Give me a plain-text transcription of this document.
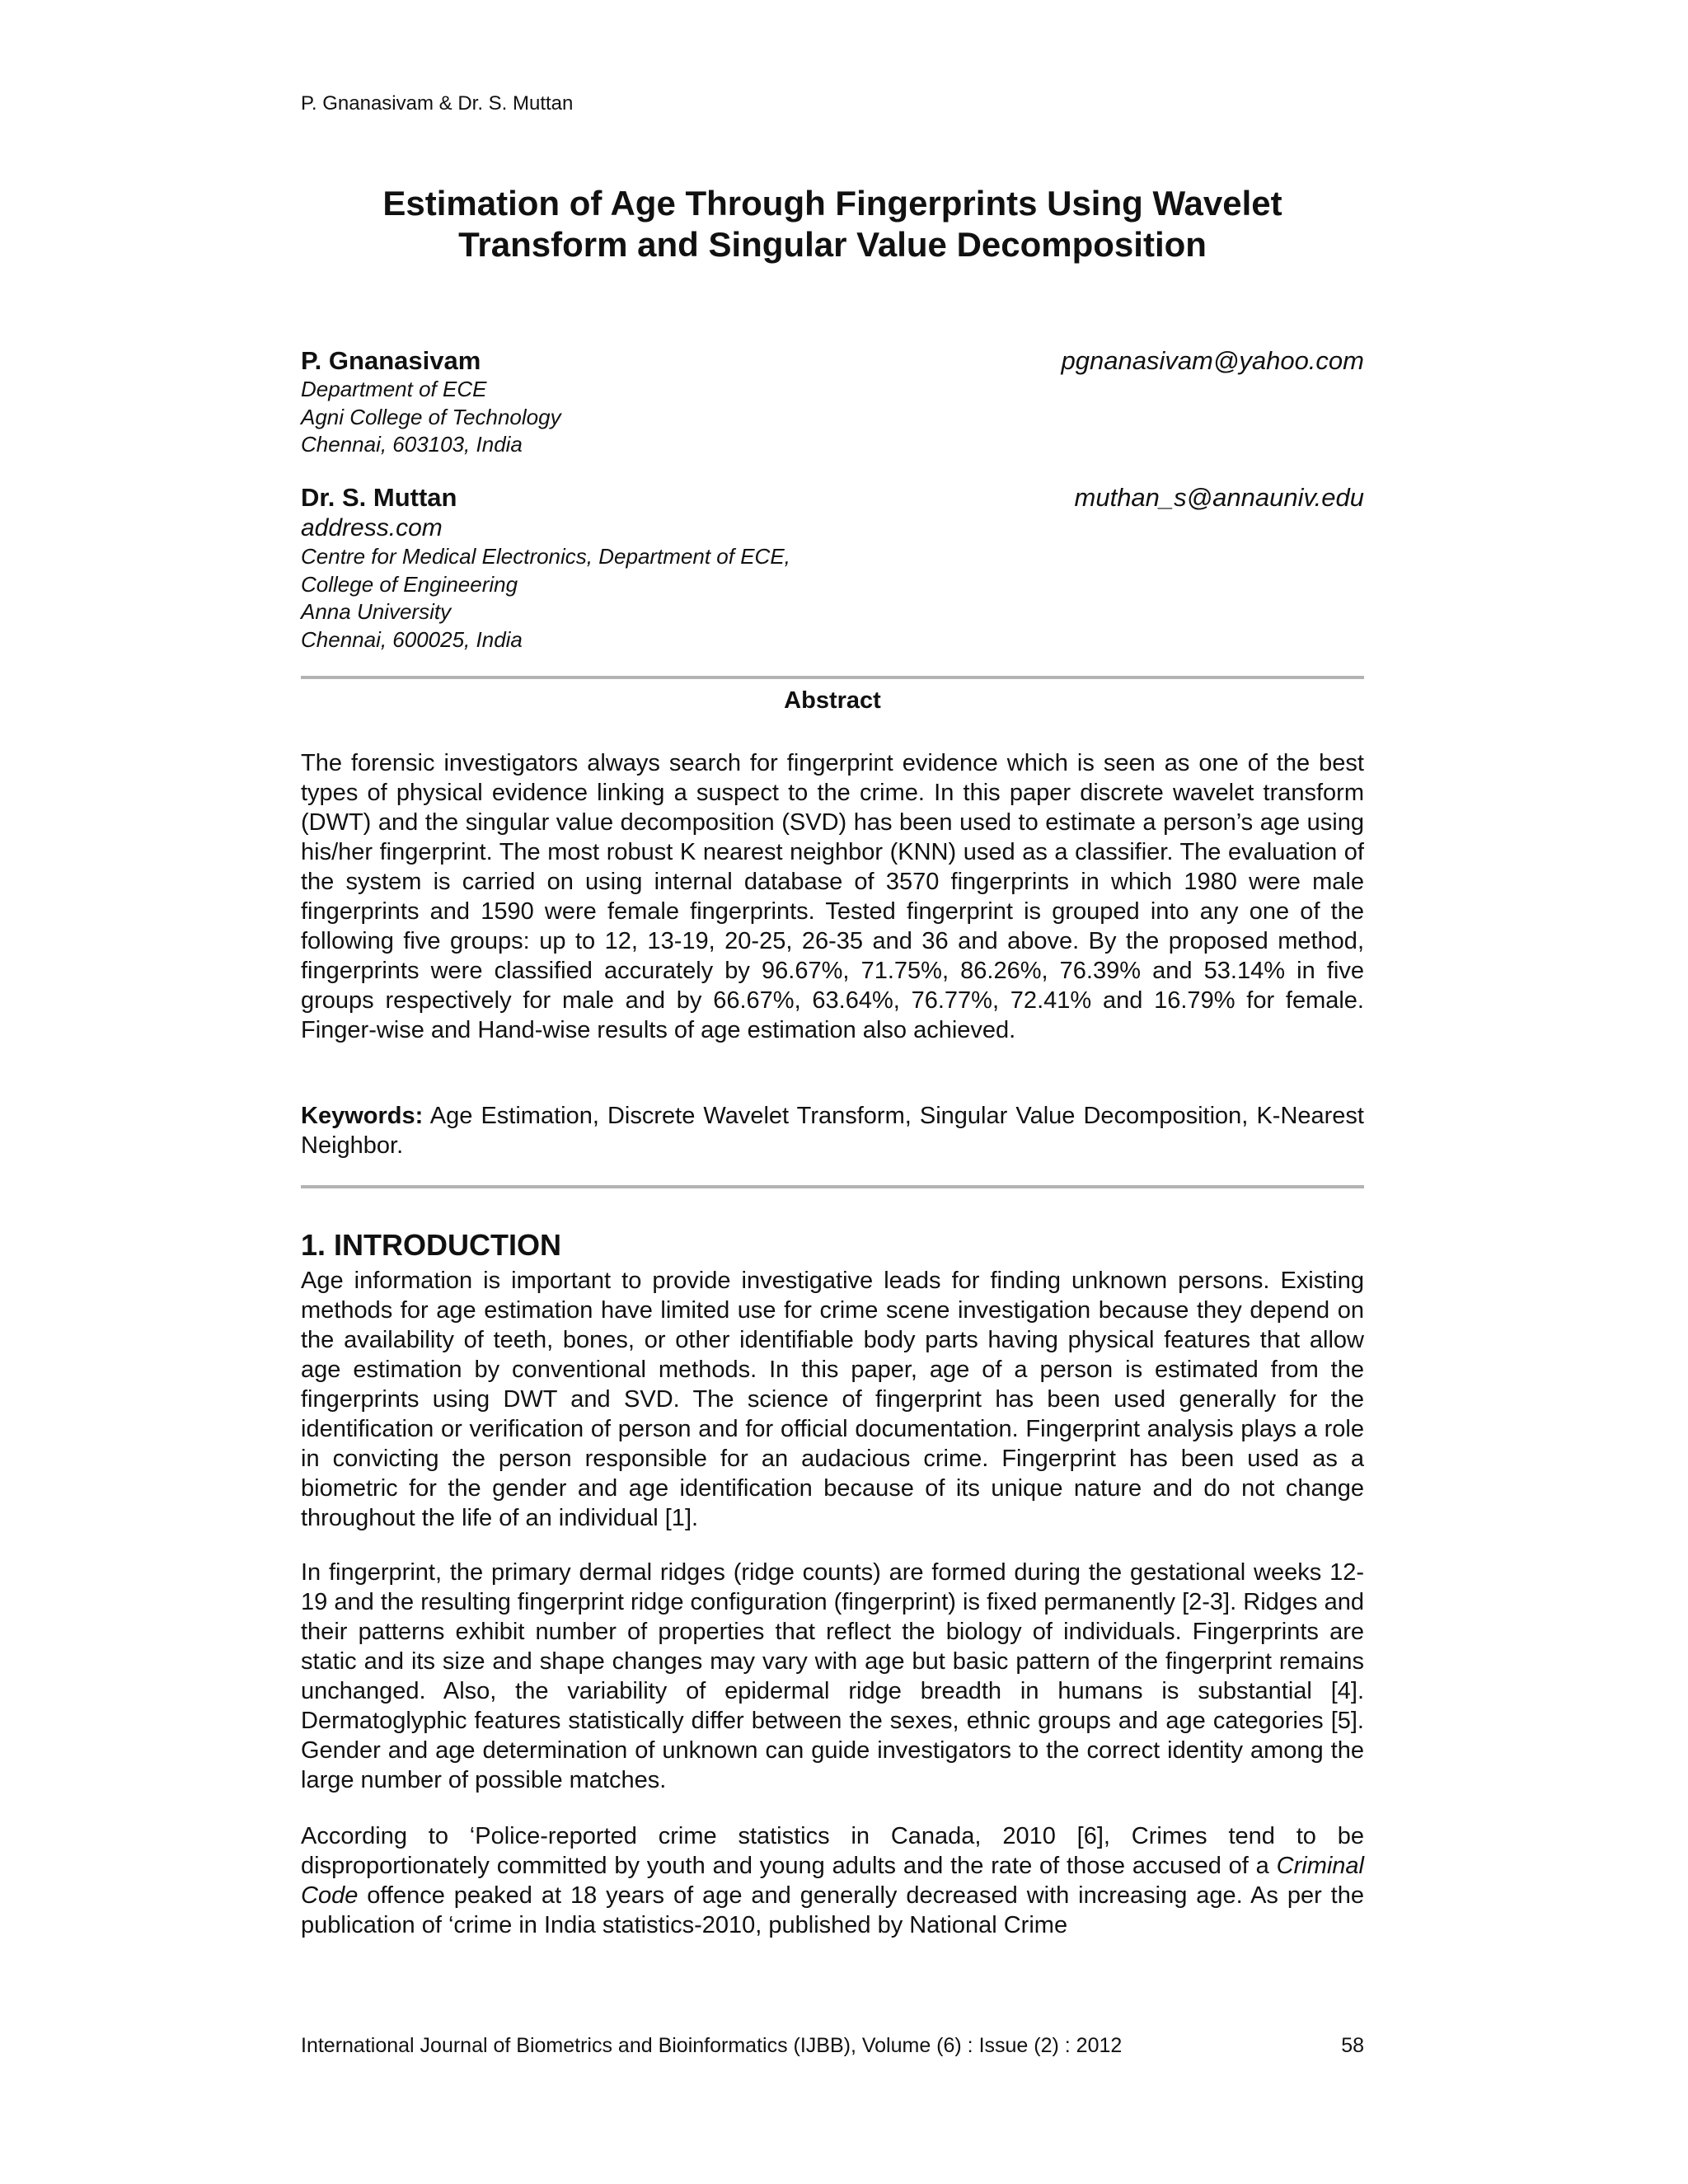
P. Gnanasivam & Dr. S. Muttan
Estimation of Age Through Fingerprints Using Wavelet
Transform and Singular Value Decomposition
P. Gnanasivam	pgnanasivam@yahoo.com
Department of ECE
Agni College of Technology
Chennai, 603103, India
Dr. S. Muttan	muthan_s@annauniv.edu
address.com
Centre for Medical Electronics, Department of ECE,
College of Engineering
Anna University
Chennai, 600025, India
Abstract

The forensic investigators always search for fingerprint evidence which is seen as one of the best types of physical evidence linking a suspect to the crime. In this paper discrete wavelet transform (DWT) and the singular value decomposition (SVD) has been used to estimate a person’s age using his/her fingerprint. The most robust K nearest neighbor (KNN) used as a classifier. The evaluation of the system is carried on using internal database of 3570 fingerprints in which 1980 were male fingerprints and 1590 were female fingerprints. Tested fingerprint is grouped into any one of the following five groups: up to 12, 13-19, 20-25, 26-35 and 36 and above. By the proposed method, fingerprints were classified accurately by 96.67%, 71.75%, 86.26%, 76.39% and 53.14% in five groups respectively for male and by 66.67%, 63.64%, 76.77%, 72.41% and 16.79% for female. Finger-wise and Hand-wise results of age estimation also achieved.

Keywords: Age Estimation, Discrete Wavelet Transform, Singular Value Decomposition, K-Nearest Neighbor.

1. INTRODUCTION

Age information is important to provide investigative leads for finding unknown persons. Existing methods for age estimation have limited use for crime scene investigation because they depend on the availability of teeth, bones, or other identifiable body parts having physical features that allow age estimation by conventional methods. In this paper, age of a person is estimated from the fingerprints using DWT and SVD. The science of fingerprint has been used generally for the identification or verification of person and for official documentation. Fingerprint analysis plays a role in convicting the person responsible for an audacious crime. Fingerprint has been used as a biometric for the gender and age identification because of its unique nature and do not change throughout the life of an individual [1].

In fingerprint, the primary dermal ridges (ridge counts) are formed during the gestational weeks 12-19 and the resulting fingerprint ridge configuration (fingerprint) is fixed permanently [2-3]. Ridges and their patterns exhibit number of properties that reflect the biology of individuals. Fingerprints are static and its size and shape changes may vary with age but basic pattern of the fingerprint remains unchanged. Also, the variability of epidermal ridge breadth in humans is substantial [4]. Dermatoglyphic features statistically differ between the sexes, ethnic groups and age categories [5]. Gender and age determination of unknown can guide investigators to the correct identity among the large number of possible matches.

According to ‘Police-reported crime statistics in Canada, 2010 [6], Crimes tend to be disproportionately committed by youth and young adults and the rate of those accused of a Criminal Code offence peaked at 18 years of age and generally decreased with increasing age. As per the publication of ‘crime in India statistics-2010, published by National Crime

International Journal of Biometrics and Bioinformatics (IJBB), Volume (6) : Issue (2) : 2012	58
